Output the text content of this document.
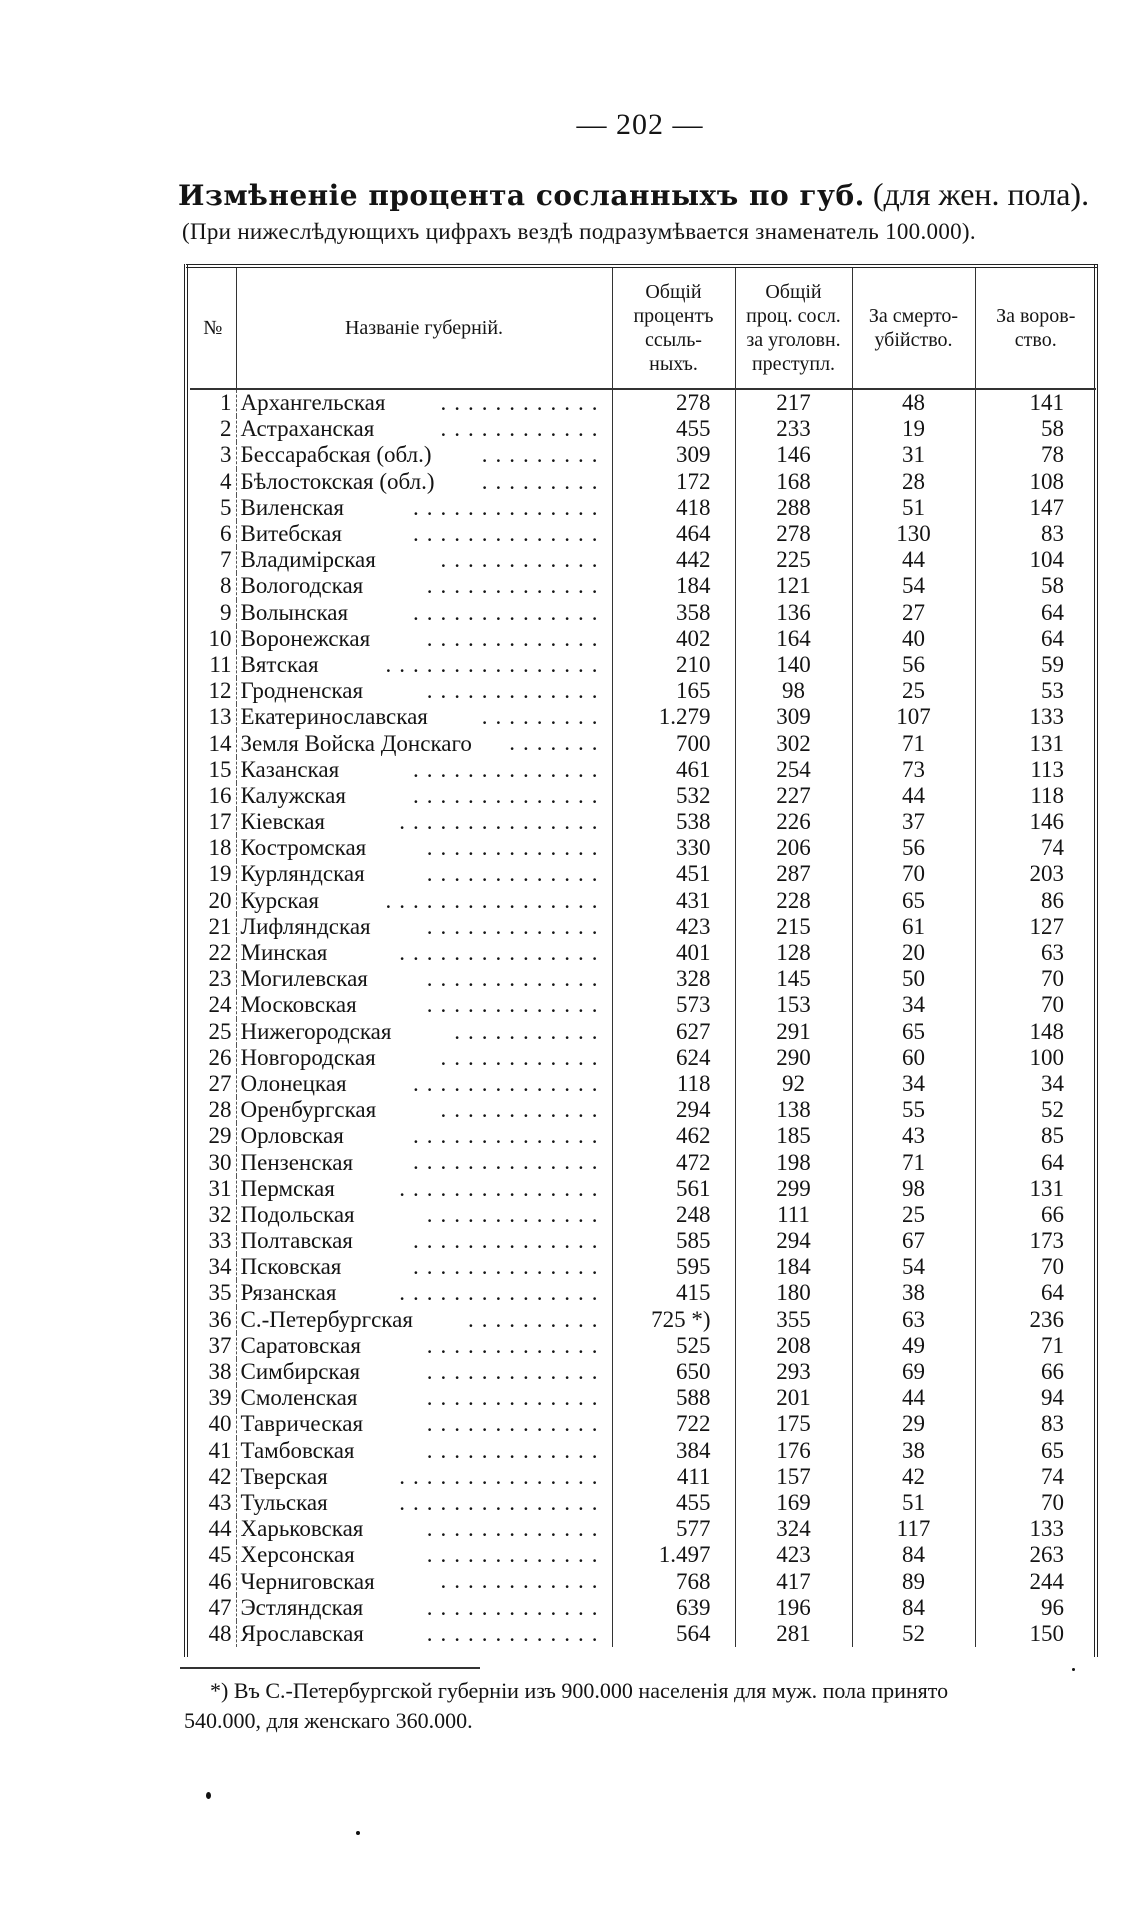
— 202 —
Измѣненіе процента сосланныхъ по губ. (для жен. пола).
(При нижеслѣдующихъ цифрахъ вездѣ подразумѣвается знаменатель 100.000).
№	Названіе губерній.

Общій
процентъ
ссыль-
ныхъ.

Общій
проц. сосл.
за уголовн.
преступл.

За смерто-
убійство.

За воров-
ство.

1	Архангельская ............	278	217	48	141
2	Астраханская ............	455	233	19	58
3	Бессарабская (обл.) .........	309	146	31	78
4	Бѣлостокская (обл.) .........	172	168	28	108
5	Виленская ..............	418	288	51	147
6	Витебская ..............	464	278	130	83
7	Владимірская ............	442	225	44	104
8	Вологодская .............	184	121	54	58
9	Волынская ..............	358	136	27	64
10	Воронежская .............	402	164	40	64
11	Вятская ................	210	140	56	59
12	Гродненская .............	165	98	25	53
13	Екатеринославская .........	1.279	309	107	133
14	Земля Войска Донскаго .......	700	302	71	131
15	Казанская ..............	461	254	73	113
16	Калужская ..............	532	227	44	118
17	Кіевская ...............	538	226	37	146
18	Костромская .............	330	206	56	74
19	Курляндская .............	451	287	70	203
20	Курская ................	431	228	65	86
21	Лифляндская .............	423	215	61	127
22	Минская ...............	401	128	20	63
23	Могилевская .............	328	145	50	70
24	Московская .............	573	153	34	70
25	Нижегородская ...........	627	291	65	148
26	Новгородская ............	624	290	60	100
27	Олонецкая ..............	118	92	34	34
28	Оренбургская ............	294	138	55	52
29	Орловская ..............	462	185	43	85
30	Пензенская ..............	472	198	71	64
31	Пермская ...............	561	299	98	131
32	Подольская .............	248	111	25	66
33	Полтавская ..............	585	294	67	173
34	Псковская ..............	595	184	54	70
35	Рязанская ...............	415	180	38	64
36	С.-Петербургская ..........	725 *)	355	63	236
37	Саратовская .............	525	208	49	71
38	Симбирская .............	650	293	69	66
39	Смоленская .............	588	201	44	94
40	Таврическая .............	722	175	29	83
41	Тамбовская .............	384	176	38	65
42	Тверская ...............	411	157	42	74
43	Тульская ...............	455	169	51	70
44	Харьковская .............	577	324	117	133
45	Херсонская .............	1.497	423	84	263
46	Черниговская ............	768	417	89	244
47	Эстляндская .............	639	196	84	96
48	Ярославская .............	564	281	52	150
*) Въ С.-Петербургской губерніи изъ 900.000 населенія для муж. пола принято
540.000, для женскаго 360.000.
